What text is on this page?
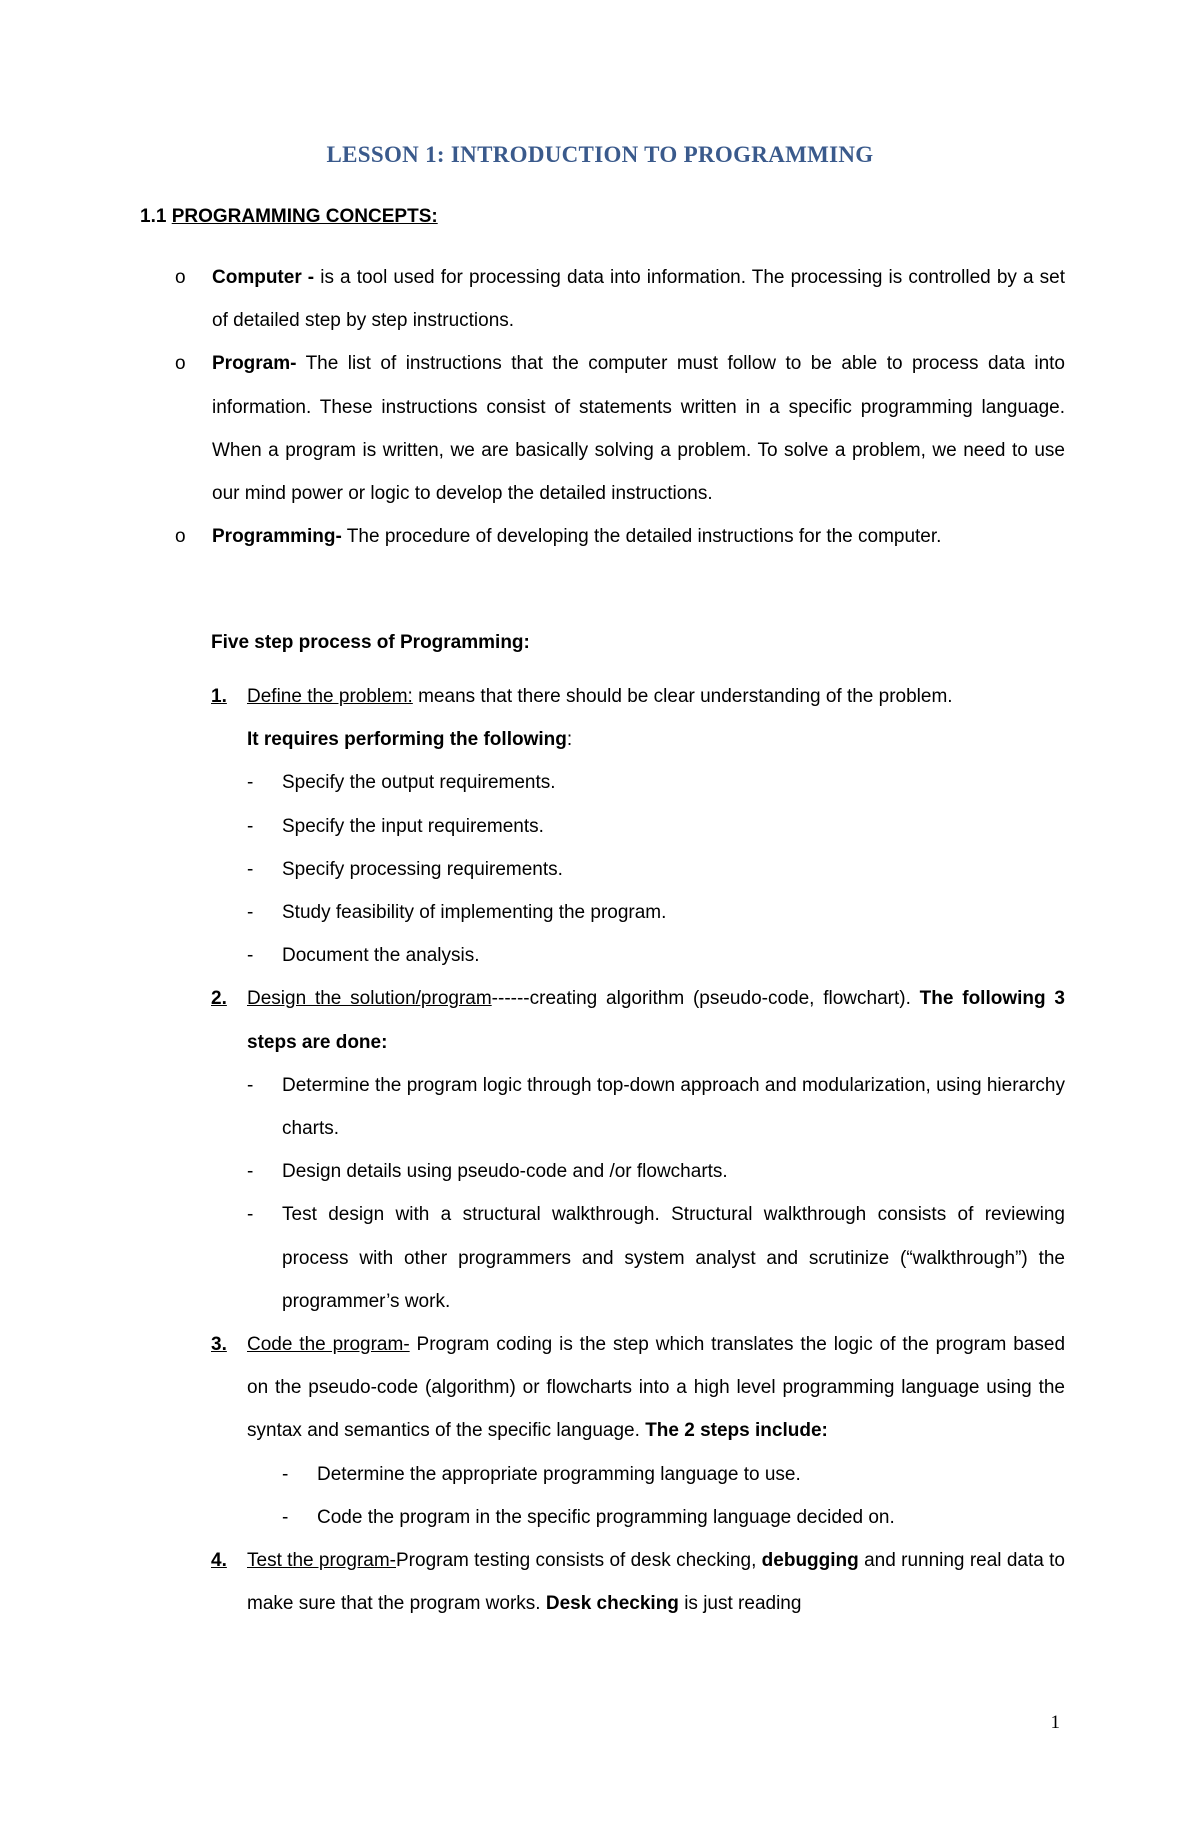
LESSON 1: INTRODUCTION TO PROGRAMMING
1.1 PROGRAMMING CONCEPTS:
o Computer - is a tool used for processing data into information. The processing is controlled by a set of detailed step by step instructions.
o Program- The list of instructions that the computer must follow to be able to process data into information. These instructions consist of statements written in a specific programming language. When a program is written, we are basically solving a problem. To solve a problem, we need to use our mind power or logic to develop the detailed instructions.
o Programming- The procedure of developing the detailed instructions for the computer.
Five step process of Programming:
1. Define the problem: means that there should be clear understanding of the problem.
It requires performing the following:
- Specify the output requirements.
- Specify the input requirements.
- Specify processing requirements.
- Study feasibility of implementing the program.
- Document the analysis.
2. Design the solution/program------creating algorithm (pseudo-code, flowchart). The following 3 steps are done:
- Determine the program logic through top-down approach and modularization, using hierarchy charts.
- Design details using pseudo-code and /or flowcharts.
- Test design with a structural walkthrough. Structural walkthrough consists of reviewing process with other programmers and system analyst and scrutinize (“walkthrough”) the programmer’s work.
3. Code the program- Program coding is the step which translates the logic of the program based on the pseudo-code (algorithm) or flowcharts into a high level programming language using the syntax and semantics of the specific language. The 2 steps include:
- Determine the appropriate programming language to use.
- Code the program in the specific programming language decided on.
4. Test the program-Program testing consists of desk checking, debugging and running real data to make sure that the program works. Desk checking is just reading
1
